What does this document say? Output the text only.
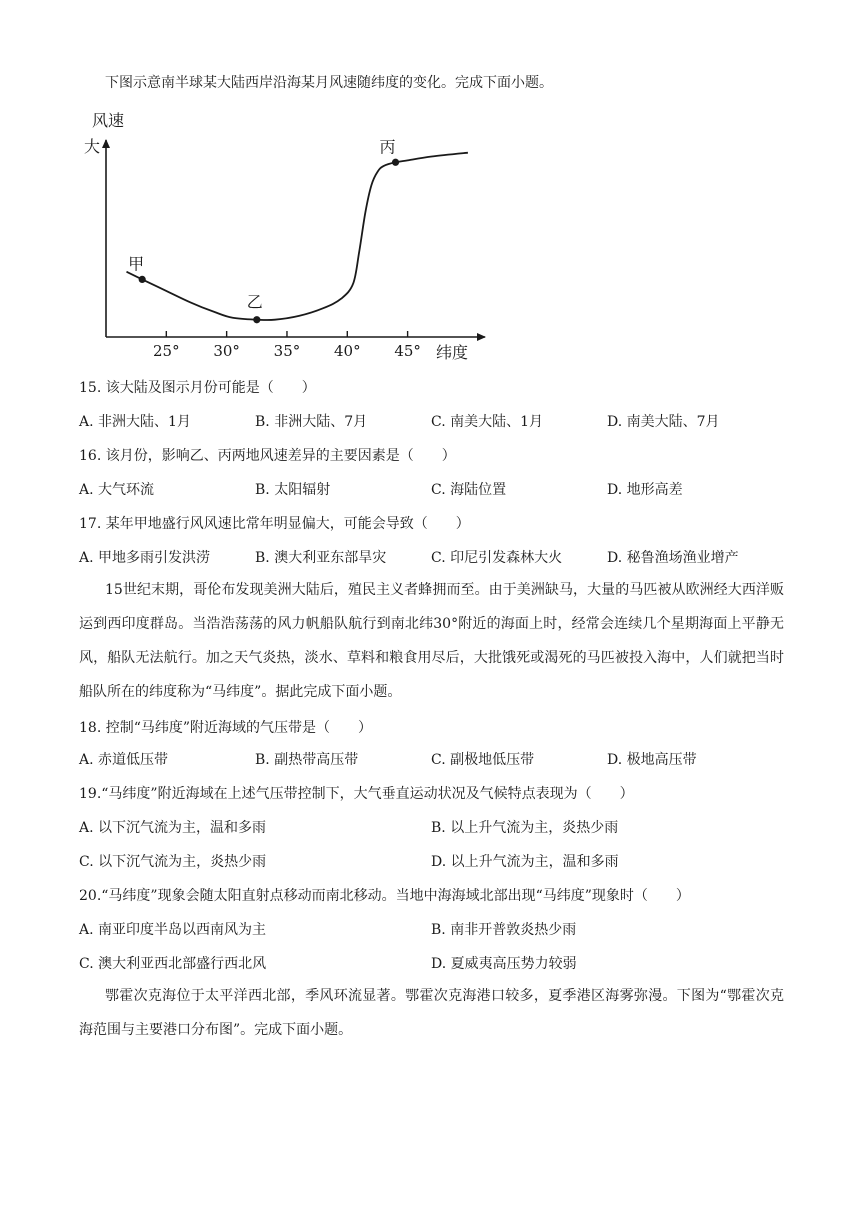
下图示意南半球某大陆西岸沿海某月风速随纬度的变化。完成下面小题。
风速
大
25° 30° 35° 40° 45° 纬度
甲
乙
丙
15. 该大陆及图示月份可能是（　　）
A. 非洲大陆、1月	B. 非洲大陆、7月	C. 南美大陆、1月	D. 南美大陆、7月
16. 该月份，影响乙、丙两地风速差异的主要因素是（　　）
A. 大气环流	B. 太阳辐射	C. 海陆位置	D. 地形高差
17. 某年甲地盛行风风速比常年明显偏大，可能会导致（　　）
A. 甲地多雨引发洪涝	B. 澳大利亚东部旱灾	C. 印尼引发森林大火	D. 秘鲁渔场渔业增产
15世纪末期，哥伦布发现美洲大陆后，殖民主义者蜂拥而至。由于美洲缺马，大量的马匹被从欧洲经大西洋贩运到西印度群岛。当浩浩荡荡的风力帆船队航行到南北纬30°附近的海面上时，经常会连续几个星期海面上平静无风，船队无法航行。加之天气炎热，淡水、草料和粮食用尽后，大批饿死或渴死的马匹被投入海中，人们就把当时船队所在的纬度称为“马纬度”。据此完成下面小题。
18. 控制“马纬度”附近海域的气压带是（　　）
A. 赤道低压带	B. 副热带高压带	C. 副极地低压带	D. 极地高压带
19.“马纬度”附近海域在上述气压带控制下，大气垂直运动状况及气候特点表现为（　　）
A. 以下沉气流为主，温和多雨	B. 以上升气流为主，炎热少雨
C. 以下沉气流为主，炎热少雨	D. 以上升气流为主，温和多雨
20.“马纬度”现象会随太阳直射点移动而南北移动。当地中海海域北部出现“马纬度”现象时（　　）
A. 南亚印度半岛以西南风为主	B. 南非开普敦炎热少雨
C. 澳大利亚西北部盛行西北风	D. 夏威夷高压势力较弱
鄂霍次克海位于太平洋西北部，季风环流显著。鄂霍次克海港口较多，夏季港区海雾弥漫。下图为“鄂霍次克海范围与主要港口分布图”。完成下面小题。
